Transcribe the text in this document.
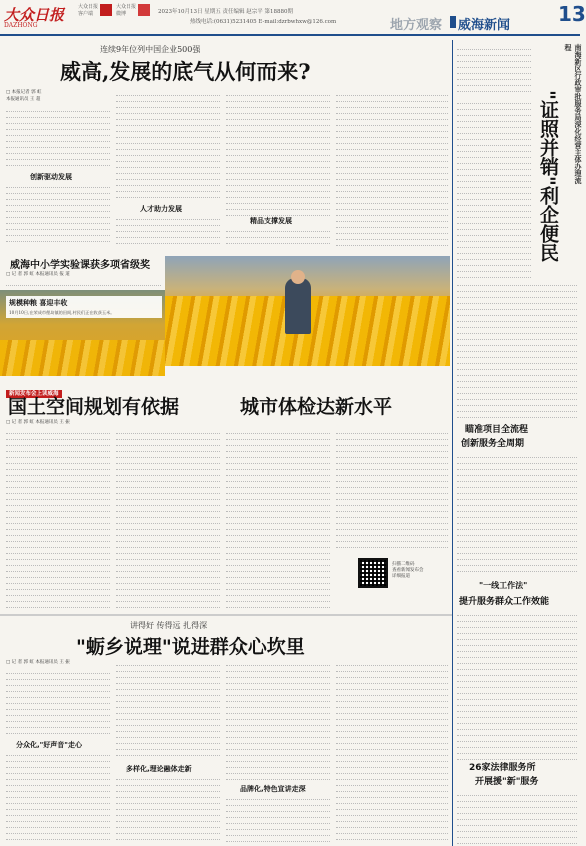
大众日报
DAZHONG
大众日报
客户端
大众日报
微博	2023年10月13日 星期五 责任编辑 赵宗平 第18880期
热线电话:(0631)5231405 E-mail:dzrbwhxw@126.com	地方观察 威海新闻 13
连续9年位列中国企业500强
威高,发展的底气从何而来?
□ 本报记者 郭 虹
本报通讯员 王 超
创新驱动发展
人才助力发展
精品支撑发展
南海新区行政审批服务局深化经营主体办理流程
"证照并销"利企便民
瞄准项目全流程
创新服务全周期
"一线工作法"
提升服务群众工作效能
26家法律服务所
开展援"新"服务
威海中小学实验课获多项省级奖
□ 记 者 郭 虹 本报通讯员 报 道
规模种粮 喜迎丰收
10月10日,在荣成市俚岛镇的田间,村民们正在收获玉米。
新闻发布会上读威海
国土空间规划有依据	城市体检达新水平
□ 记 者 郭 虹 本报通讯员 王 振
扫描二维码
查看新闻发布会
详细报道
讲得好 传得远 扎得深
"蛎乡说理"说进群众心坎里
□ 记 者 郭 虹 本报通讯员 王 振
分众化,"好声音"走心
多样化,理论融体走新
品牌化,特色宣讲走深
